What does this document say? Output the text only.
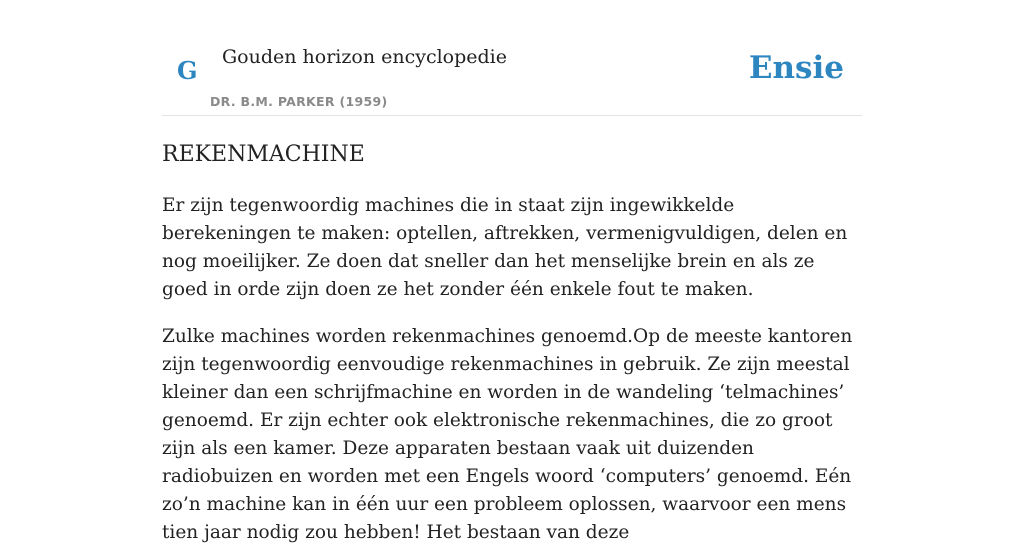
G Gouden horizon encyclopedie
DR. B.M. PARKER (1959)
Ensie
REKENMACHINE

Er zijn tegenwoordig machines die in staat zijn ingewikkelde berekeningen te maken: optellen, aftrekken, vermenigvuldigen, delen en nog moeilijker. Ze doen dat sneller dan het menselijke brein en als ze goed in orde zijn doen ze het zonder één enkele fout te maken.

Zulke machines worden rekenmachines genoemd.Op de meeste kantoren zijn tegenwoordig eenvoudige rekenmachines in gebruik. Ze zijn meestal kleiner dan een schrijfmachine en worden in de wandeling ‘telmachines’ genoemd. Er zijn echter ook elektronische rekenmachines, die zo groot zijn als een kamer. Deze apparaten bestaan vaak uit duizenden radiobuizen en worden met een Engels woord ‘computers’ genoemd. Eén zo’n machine kan in één uur een probleem oplossen, waarvoor een mens tien jaar nodig zou hebben! Het bestaan van deze
